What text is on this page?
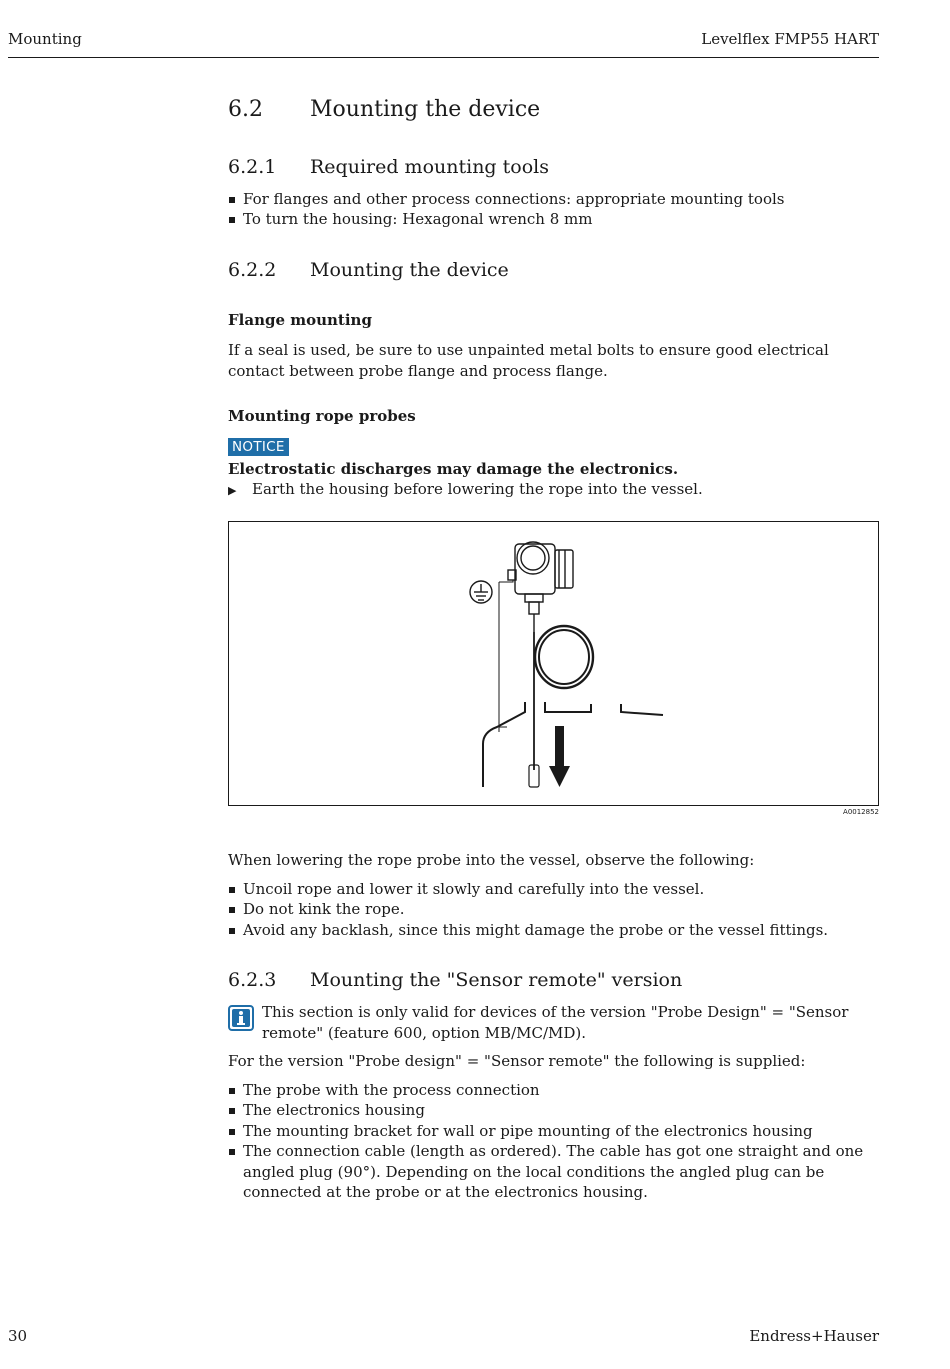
Mounting	Levelflex FMP55 HART
6.2 Mounting the device
6.2.1 Required mounting tools
For flanges and other process connections: appropriate mounting tools
To turn the housing: Hexagonal wrench 8 mm
6.2.2 Mounting the device
Flange mounting
If a seal is used, be sure to use unpainted metal bolts to ensure good electrical contact between probe flange and process flange.
Mounting rope probes
NOTICE
Electrostatic discharges may damage the electronics.
▶ Earth the housing before lowering the rope into the vessel.
A0012852
When lowering the rope probe into the vessel, observe the following:
Uncoil rope and lower it slowly and carefully into the vessel.
Do not kink the rope.
Avoid any backlash, since this might damage the probe or the vessel fittings.
6.2.3 Mounting the "Sensor remote" version
This section is only valid for devices of the version "Probe Design" = "Sensor remote" (feature 600, option MB/MC/MD).
For the version "Probe design" = "Sensor remote" the following is supplied:
The probe with the process connection
The electronics housing
The mounting bracket for wall or pipe mounting of the electronics housing
The connection cable (length as ordered). The cable has got one straight and one angled plug (90°). Depending on the local conditions the angled plug can be connected at the probe or at the electronics housing.
30	Endress+Hauser
